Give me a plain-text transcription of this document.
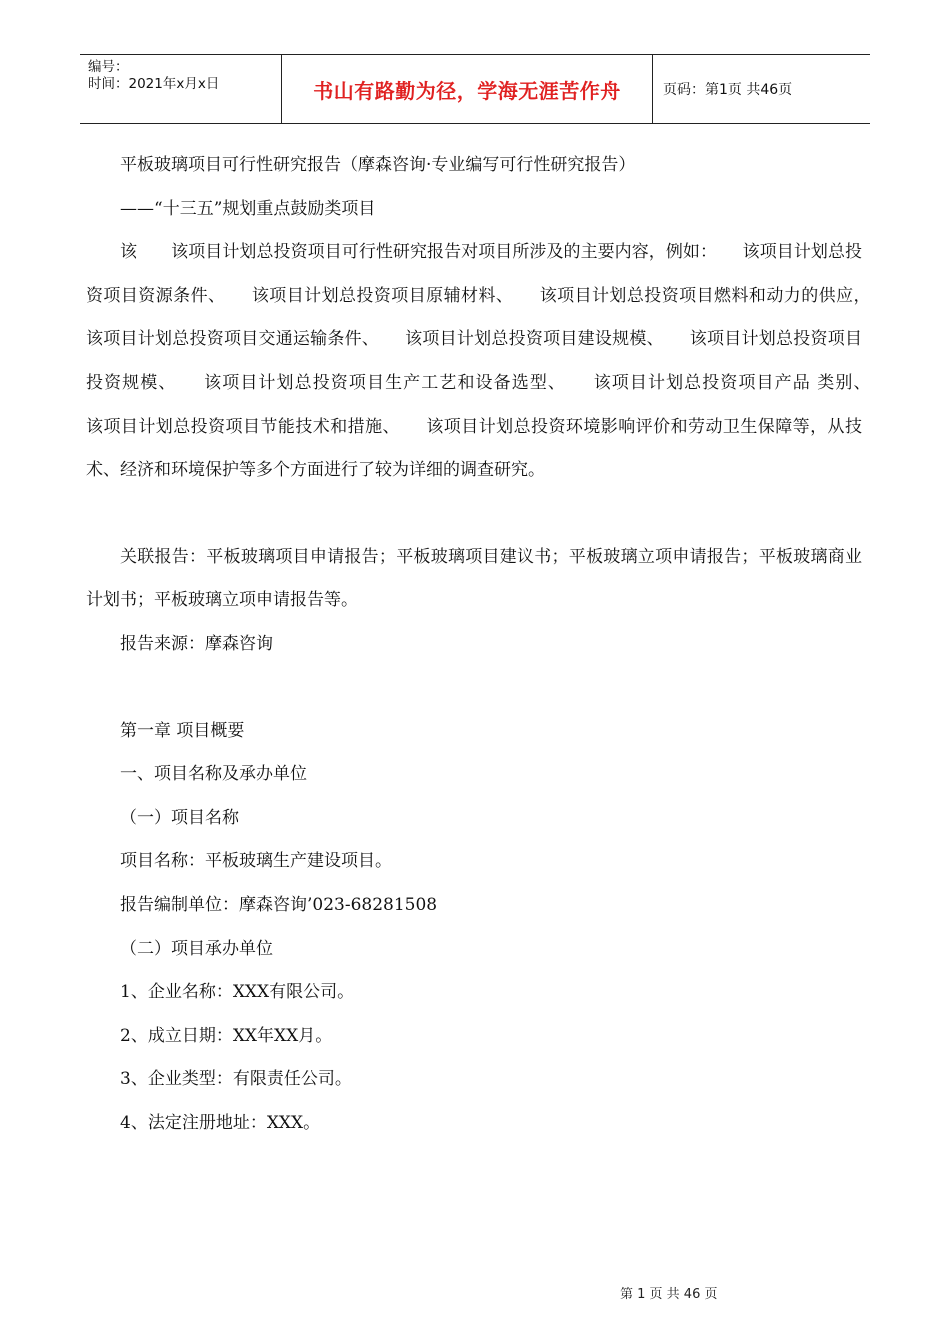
编号：
时间：2021年x月x日	书山有路勤为径，学海无涯苦作舟	页码：第1页 共46页

平板玻璃项目可行性研究报告（摩森咨询·专业编写可行性研究报告）

——“十三五”规划重点鼓励类项目

该　　该项目计划总投资项目可行性研究报告对项目所涉及的主要内容，例如：　　该项目计划总投资项目资源条件、　　该项目计划总投资项目原辅材料、　　该项目计划总投资项目燃料和动力的供应，　　该项目计划总投资项目交通运输条件、　　该项目计划总投资项目建设规模、　　该项目计划总投资项目投资规模、　　该项目计划总投资项目生产工艺和设备选型、　　该项目计划总投资项目产品 类别、　　该项目计划总投资项目节能技术和措施、　　该项目计划总投资环境影响评价和劳动卫生保障等，从技术、经济和环境保护等多个方面进行了较为详细的调查研究。

关联报告：平板玻璃项目申请报告；平板玻璃项目建议书；平板玻璃立项申请报告；平板玻璃商业计划书；平板玻璃立项申请报告等。

报告来源：摩森咨询

第一章 项目概要

一、项目名称及承办单位

（一）项目名称

项目名称：平板玻璃生产建设项目。

报告编制单位：摩森咨询’023-68281508

（二）项目承办单位

1、企业名称：XXX有限公司。

2、成立日期：XX年XX月。

3、企业类型：有限责任公司。

4、法定注册地址：XXX。

第 1 页 共 46 页
